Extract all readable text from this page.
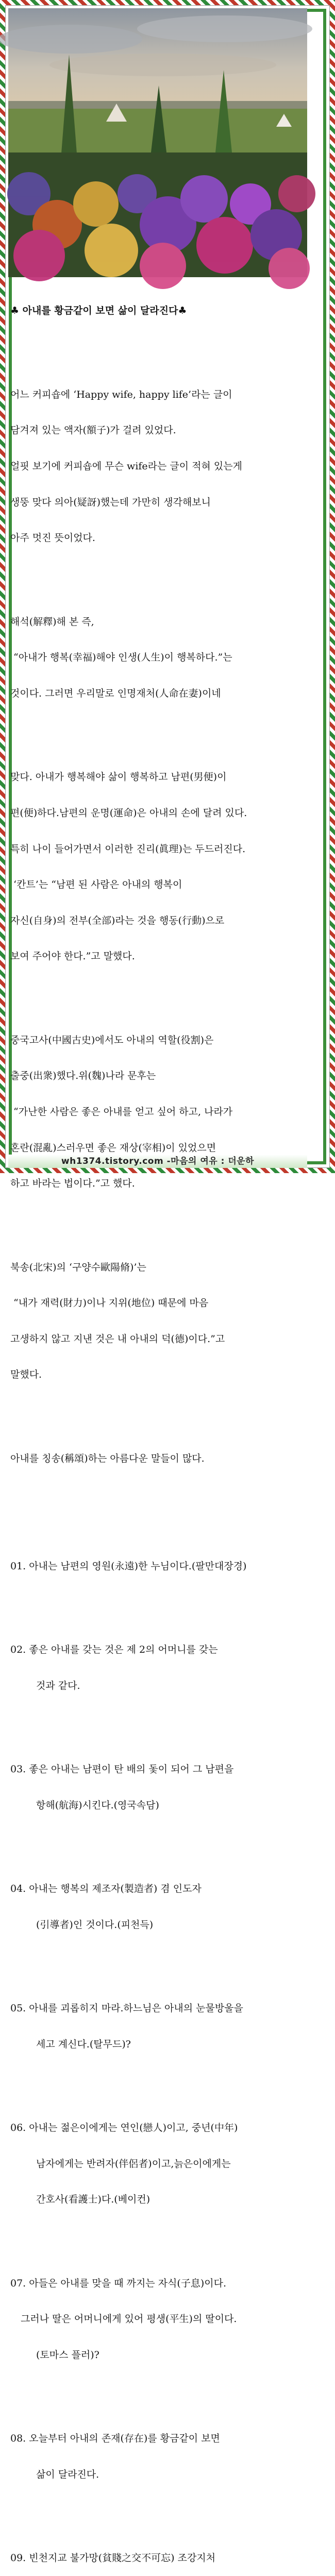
♣ 아내를 황금같이 보면 삶이 달라진다♣

어느 커피숍에 ‘Happy wife, happy life’라는 글이

담겨져 있는 액자(額子)가 걸려 있었다.

얼핏 보기에 커피숍에 무슨 wife라는 글이 적혀 있는게

생뚱 맞다 의아(疑訝)했는데 가만히 생각해보니

아주 멋진 뜻이었다.

해석(解釋)해 본 즉,

“아내가 행복(幸福)해야 인생(人生)이 행복하다.”는

것이다. 그러면 우리말로 인명재처(人命在妻)이네

맞다. 아내가 행복해야 삶이 행복하고 남편(男便)이

편(便)하다.남편의 운명(運命)은 아내의 손에 달려 있다.

특히 나이 들어가면서 이러한 진리(眞理)는 두드러진다.

‘칸트’는 “남편 된 사람은 아내의 행복이

자신(自身)의 전부(全部)라는 것을 행동(行動)으로

보여 주어야 한다.”고 말했다.

중국고사(中國古史)에서도 아내의 역할(役割)은

출중(出衆)했다.위(魏)나라 문후는

“가난한 사람은 좋은 아내를 얻고 싶어 하고, 나라가

혼란(混亂)스러우면 좋은 재상(宰相)이 있었으면

하고 바라는 법이다.”고 했다.

북송(北宋)의 ‘구양수歐陽脩)’는

“내가 재력(財力)이나 지위(地位) 때문에 마음

고생하지 않고 지낸 것은 내 아내의 덕(德)이다.”고

말했다.

아내를 칭송(稱頌)하는 아름다운 말들이 많다.

01. 아내는 남편의 영원(永遠)한 누님이다.(팔만대장경)

02. 좋은 아내를 갖는 것은 제 2의 어머니를 갖는

것과 같다.

03. 좋은 아내는 남편이 탄 배의 돛이 되어 그 남편을

항해(航海)시킨다.(영국속담)

04. 아내는 행복의 제조자(製造者) 겸 인도자

(引導者)인 것이다.(피천득)

05. 아내를 괴롭히지 마라.하느님은 아내의 눈물방울을

세고 계신다.(탈무드)?

06. 아내는 젊은이에게는 연인(戀人)이고, 중년(中年)

남자에게는 반려자(伴侶者)이고,늙은이에게는

간호사(看護士)다.(베이컨)

07. 아들은 아내를 맞을 때 까지는 자식(子息)이다.

그러나 딸은 어머니에게 있어 평생(平生)의 딸이다.

(토마스 플러)?

08. 오늘부터 아내의 존재(存在)를 황금같이 보면

삶이 달라진다.

09. 빈천지교 불가망(貧賤之交不可忘) 조강지처

wh1374.tistory.com -마음의 여유 : 더운하
